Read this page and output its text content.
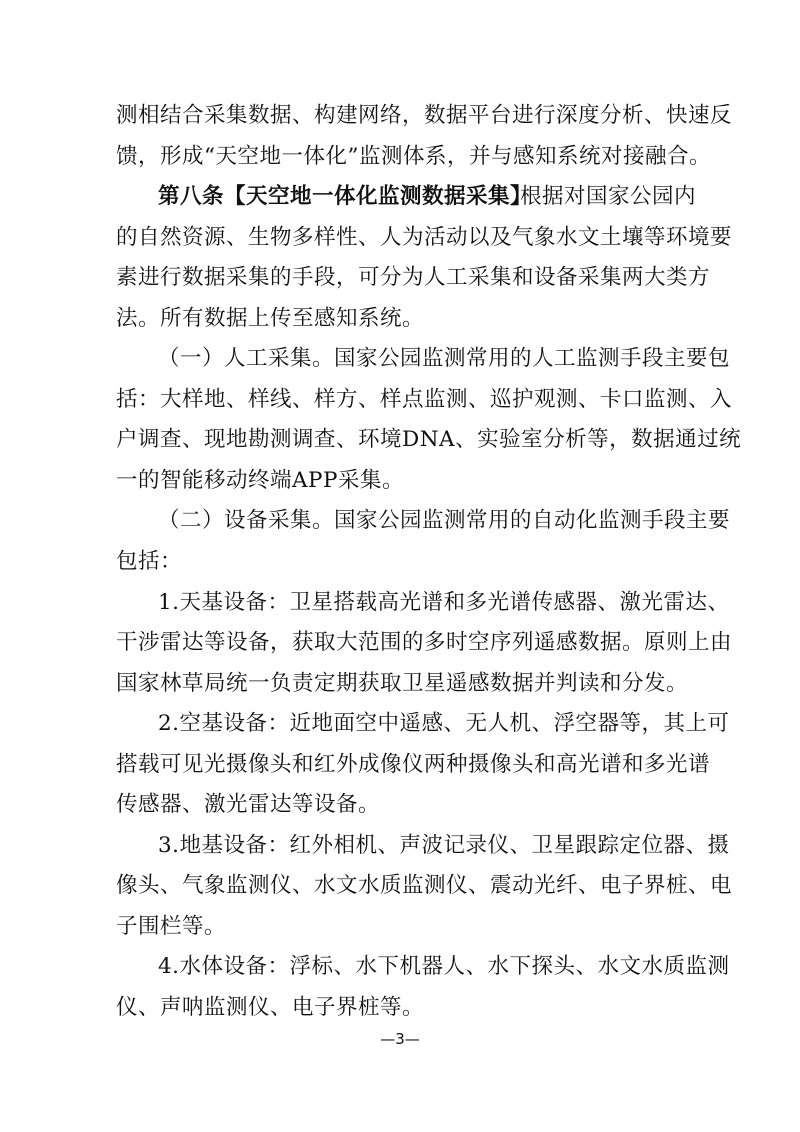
测相结合采集数据、构建网络，数据平台进行深度分析、快速反
馈，形成“天空地一体化”监测体系，并与感知系统对接融合。
第八条【天空地一体化监测数据采集】
根据对国家公园内
的自然资源、生物多样性、人为活动以及气象水文土壤等环境要
素进行数据采集的手段，可分为人工采集和设备采集两大类方
法。所有数据上传至感知系统。
（一）人工采集。国家公园监测常用的人工监测手段主要包
括：大样地、样线、样方、样点监测、巡护观测、卡口监测、入
户调查、现地勘测调查、环境DNA、实验室分析等，数据通过统
一的智能移动终端APP采集。
（二）设备采集。国家公园监测常用的自动化监测手段主要
包括：
1.天基设备：卫星搭载高光谱和多光谱传感器、激光雷达、
干涉雷达等设备，获取大范围的多时空序列遥感数据。原则上由
国家林草局统一负责定期获取卫星遥感数据并判读和分发。
2.空基设备：近地面空中遥感、无人机、浮空器等，其上可
搭载可见光摄像头和红外成像仪两种摄像头和高光谱和多光谱
传感器、激光雷达等设备。
3.地基设备：红外相机、声波记录仪、卫星跟踪定位器、摄
像头、气象监测仪、水文水质监测仪、震动光纤、电子界桩、电
子围栏等。
4.水体设备：浮标、水下机器人、水下探头、水文水质监测
仪、声呐监测仪、电子界桩等。
—3—
